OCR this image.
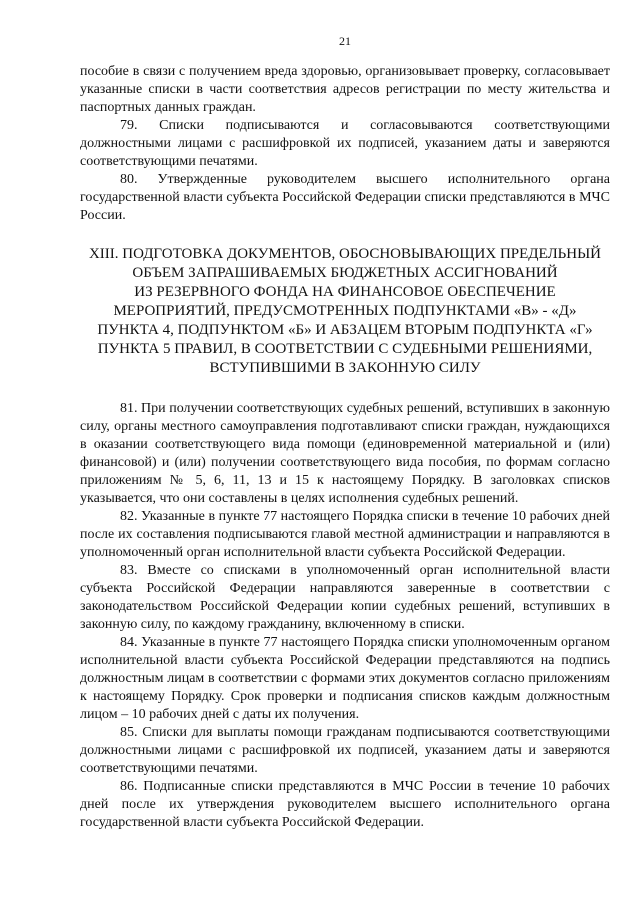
21

пособие в связи с получением вреда здоровью, организовывает проверку, согласовывает указанные списки в части соответствия адресов регистрации по месту жительства и паспортных данных граждан.

79. Списки подписываются и согласовываются соответствующими должностными лицами с расшифровкой их подписей, указанием даты и заверяются соответствующими печатями.

80. Утвержденные руководителем высшего исполнительного органа государственной власти субъекта Российской Федерации списки представляются в МЧС России.

XIII. ПОДГОТОВКА ДОКУМЕНТОВ, ОБОСНОВЫВАЮЩИХ ПРЕДЕЛЬНЫЙ
ОБЪЕМ ЗАПРАШИВАЕМЫХ БЮДЖЕТНЫХ АССИГНОВАНИЙ
ИЗ РЕЗЕРВНОГО ФОНДА НА ФИНАНСОВОЕ ОБЕСПЕЧЕНИЕ
МЕРОПРИЯТИЙ, ПРЕДУСМОТРЕННЫХ ПОДПУНКТАМИ «В» - «Д»
ПУНКТА 4, ПОДПУНКТОМ «Б» И АБЗАЦЕМ ВТОРЫМ ПОДПУНКТА «Г»
ПУНКТА 5 ПРАВИЛ, В СООТВЕТСТВИИ С СУДЕБНЫМИ РЕШЕНИЯМИ,
ВСТУПИВШИМИ В ЗАКОННУЮ СИЛУ

81. При получении соответствующих судебных решений, вступивших в законную силу, органы местного самоуправления подготавливают списки граждан, нуждающихся в оказании соответствующего вида помощи (единовременной материальной и (или) финансовой) и (или) получении соответствующего вида пособия, по формам согласно приложениям № 5, 6, 11, 13 и 15 к настоящему Порядку. В заголовках списков указывается, что они составлены в целях исполнения судебных решений.

82. Указанные в пункте 77 настоящего Порядка списки в течение 10 рабочих дней после их составления подписываются главой местной администрации и направляются в уполномоченный орган исполнительной власти субъекта Российской Федерации.

83. Вместе со списками в уполномоченный орган исполнительной власти субъекта Российской Федерации направляются заверенные в соответствии с законодательством Российской Федерации копии судебных решений, вступивших в законную силу, по каждому гражданину, включенному в списки.

84. Указанные в пункте 77 настоящего Порядка списки уполномоченным органом исполнительной власти субъекта Российской Федерации представляются на подпись должностным лицам в соответствии с формами этих документов согласно приложениям к настоящему Порядку. Срок проверки и подписания списков каждым должностным лицом – 10 рабочих дней с даты их получения.

85. Списки для выплаты помощи гражданам подписываются соответствующими должностными лицами с расшифровкой их подписей, указанием даты и заверяются соответствующими печатями.

86. Подписанные списки представляются в МЧС России в течение 10 рабочих дней после их утверждения руководителем высшего исполнительного органа государственной власти субъекта Российской Федерации.
